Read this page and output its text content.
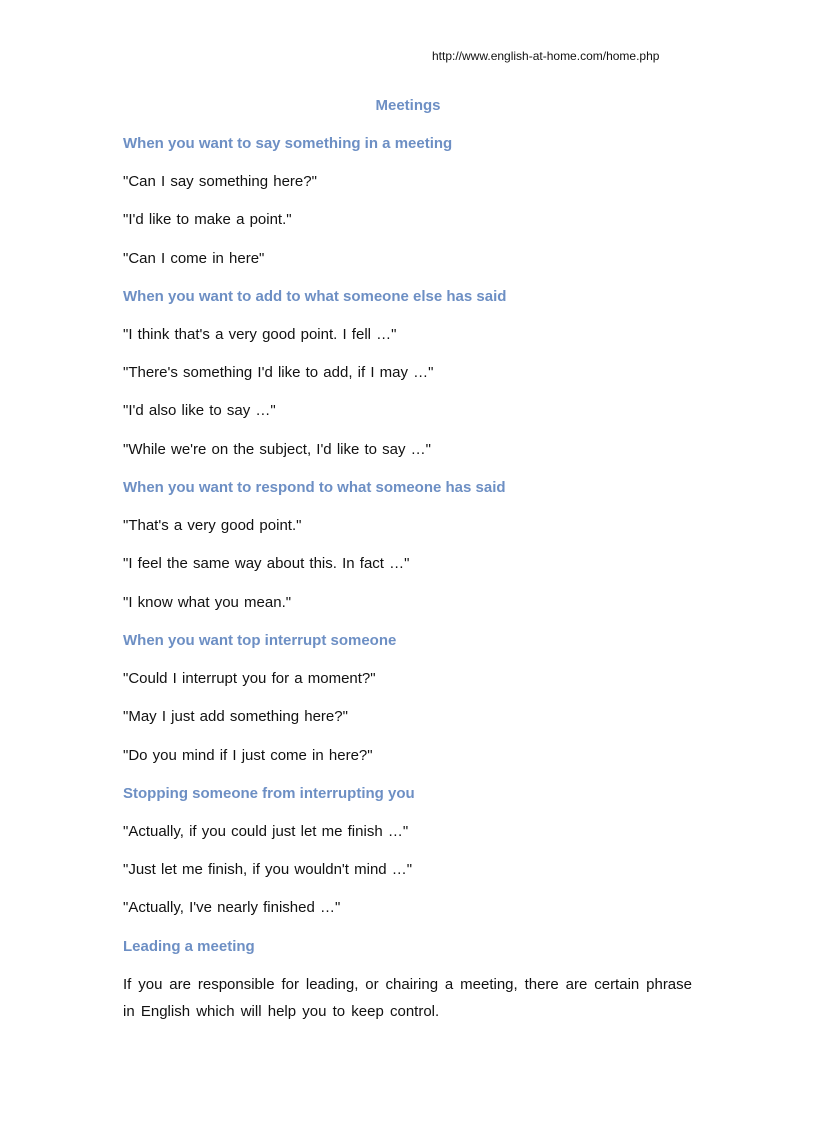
http://www.english-at-home.com/home.php
Meetings

When you want to say something in a meeting

"Can I say something here?"

"I'd like to make a point."

"Can I come in here"

When you want to add to what someone else has said

"I think that's a very good point. I fell …"

"There's something I'd like to add, if I may …"

"I'd also like to say …"

"While we're on the subject, I'd like to say …"

When you want to respond to what someone has said

"That's a very good point."

"I feel the same way about this. In fact …"

"I know what you mean."

When you want top interrupt someone

"Could I interrupt you for a moment?"

"May I just add something here?"

"Do you mind if I just come in here?"

Stopping someone from interrupting you

"Actually, if you could just let me finish …"

"Just let me finish, if you wouldn't mind …"

"Actually, I've nearly finished …"

Leading a meeting

If you are responsible for leading, or chairing a meeting, there are certain phrase in English which will help you to keep control.
